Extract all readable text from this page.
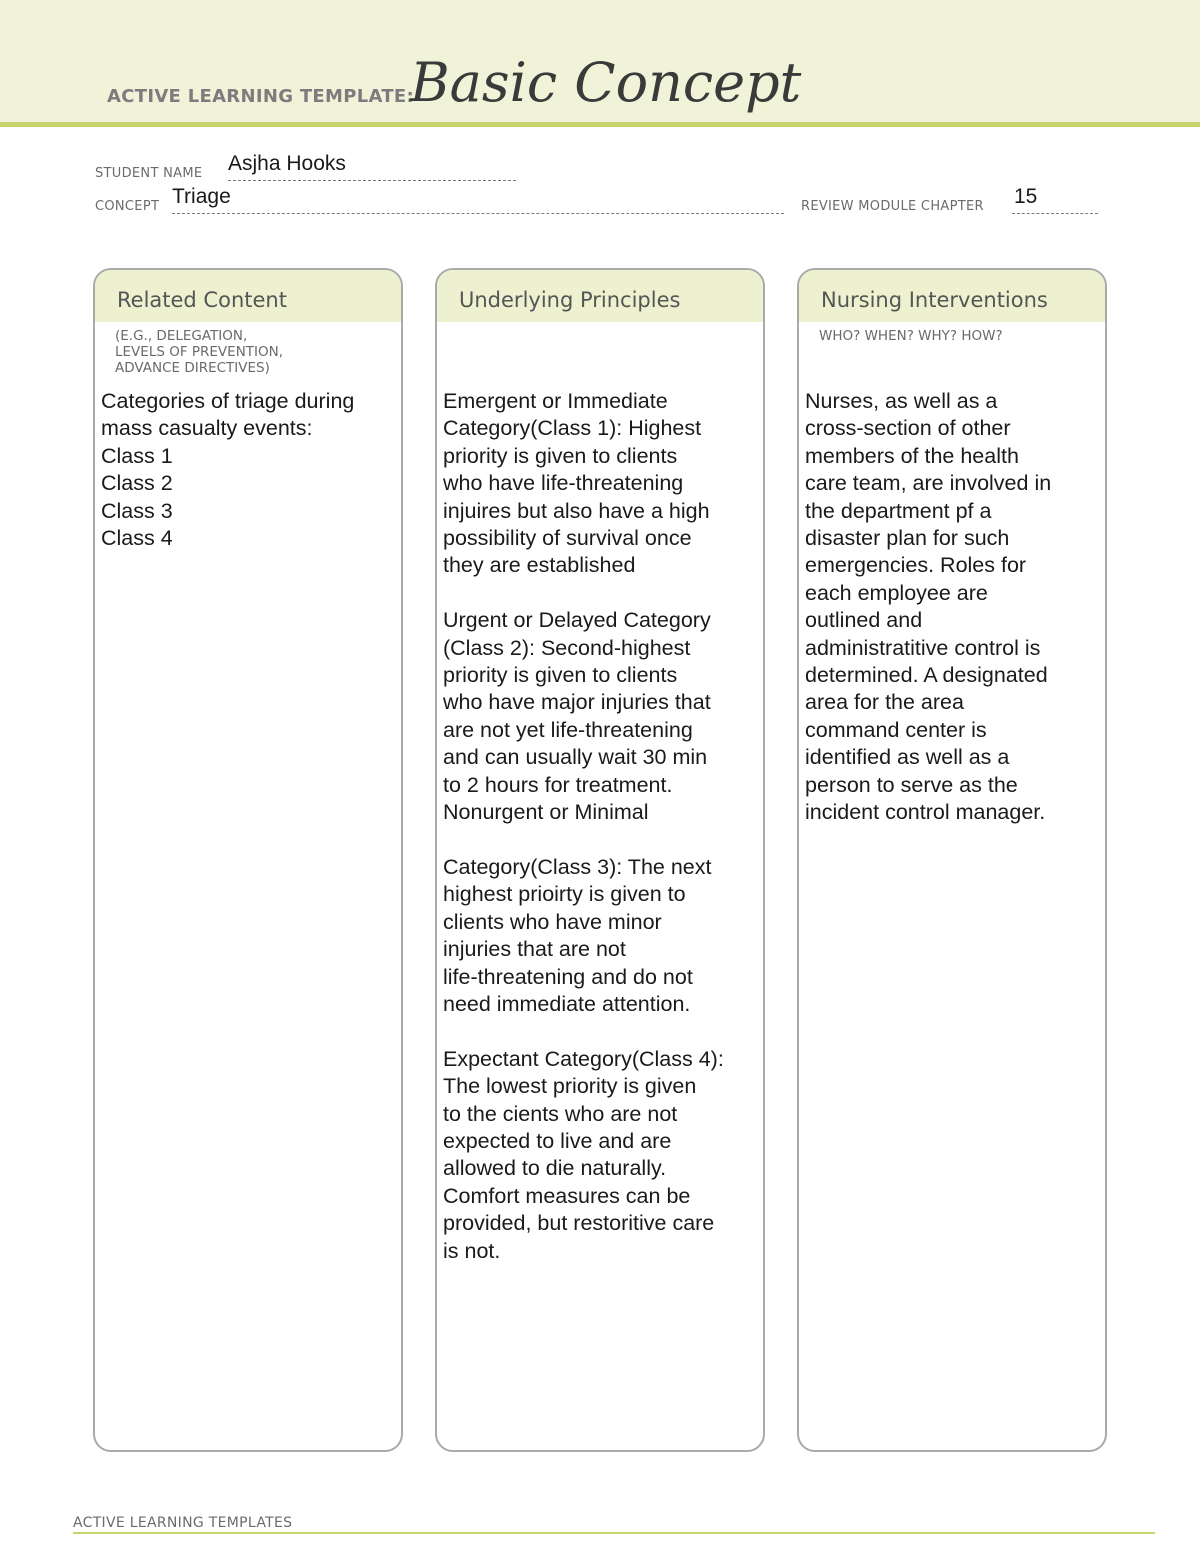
ACTIVE LEARNING TEMPLATE:
Basic Concept
STUDENT NAME Asjha Hooks
CONCEPT Triage	REVIEW MODULE CHAPTER 15
Related Content
(E.G., DELEGATION,
LEVELS OF PREVENTION,
ADVANCE DIRECTIVES)
Categories of triage during
mass casualty events:
Class 1
Class 2
Class 3
Class 4
Underlying Principles
Emergent or Immediate
Category(Class 1): Highest
priority is given to clients
who have life-threatening
injuires but also have a high
possibility of survival once
they are established

Urgent or Delayed Category
(Class 2): Second-highest
priority is given to clients
who have major injuries that
are not yet life-threatening
and can usually wait 30 min
to 2 hours for treatment.
Nonurgent or Minimal

Category(Class 3): The next
highest prioirty is given to
clients who have minor
injuries that are not
life-threatening and do not
need immediate attention.

Expectant Category(Class 4):
The lowest priority is given
to the cients who are not
expected to live and are
allowed to die naturally.
Comfort measures can be
provided, but restoritive care
is not.
Nursing Interventions
WHO? WHEN? WHY? HOW?
Nurses, as well as a
cross-section of other
members of the health
care team, are involved in
the department pf a
disaster plan for such
emergencies. Roles for
each employee are
outlined and
administratitive control is
determined. A designated
area for the area
command center is
identified as well as a
person to serve as the
incident control manager.
ACTIVE LEARNING TEMPLATES
